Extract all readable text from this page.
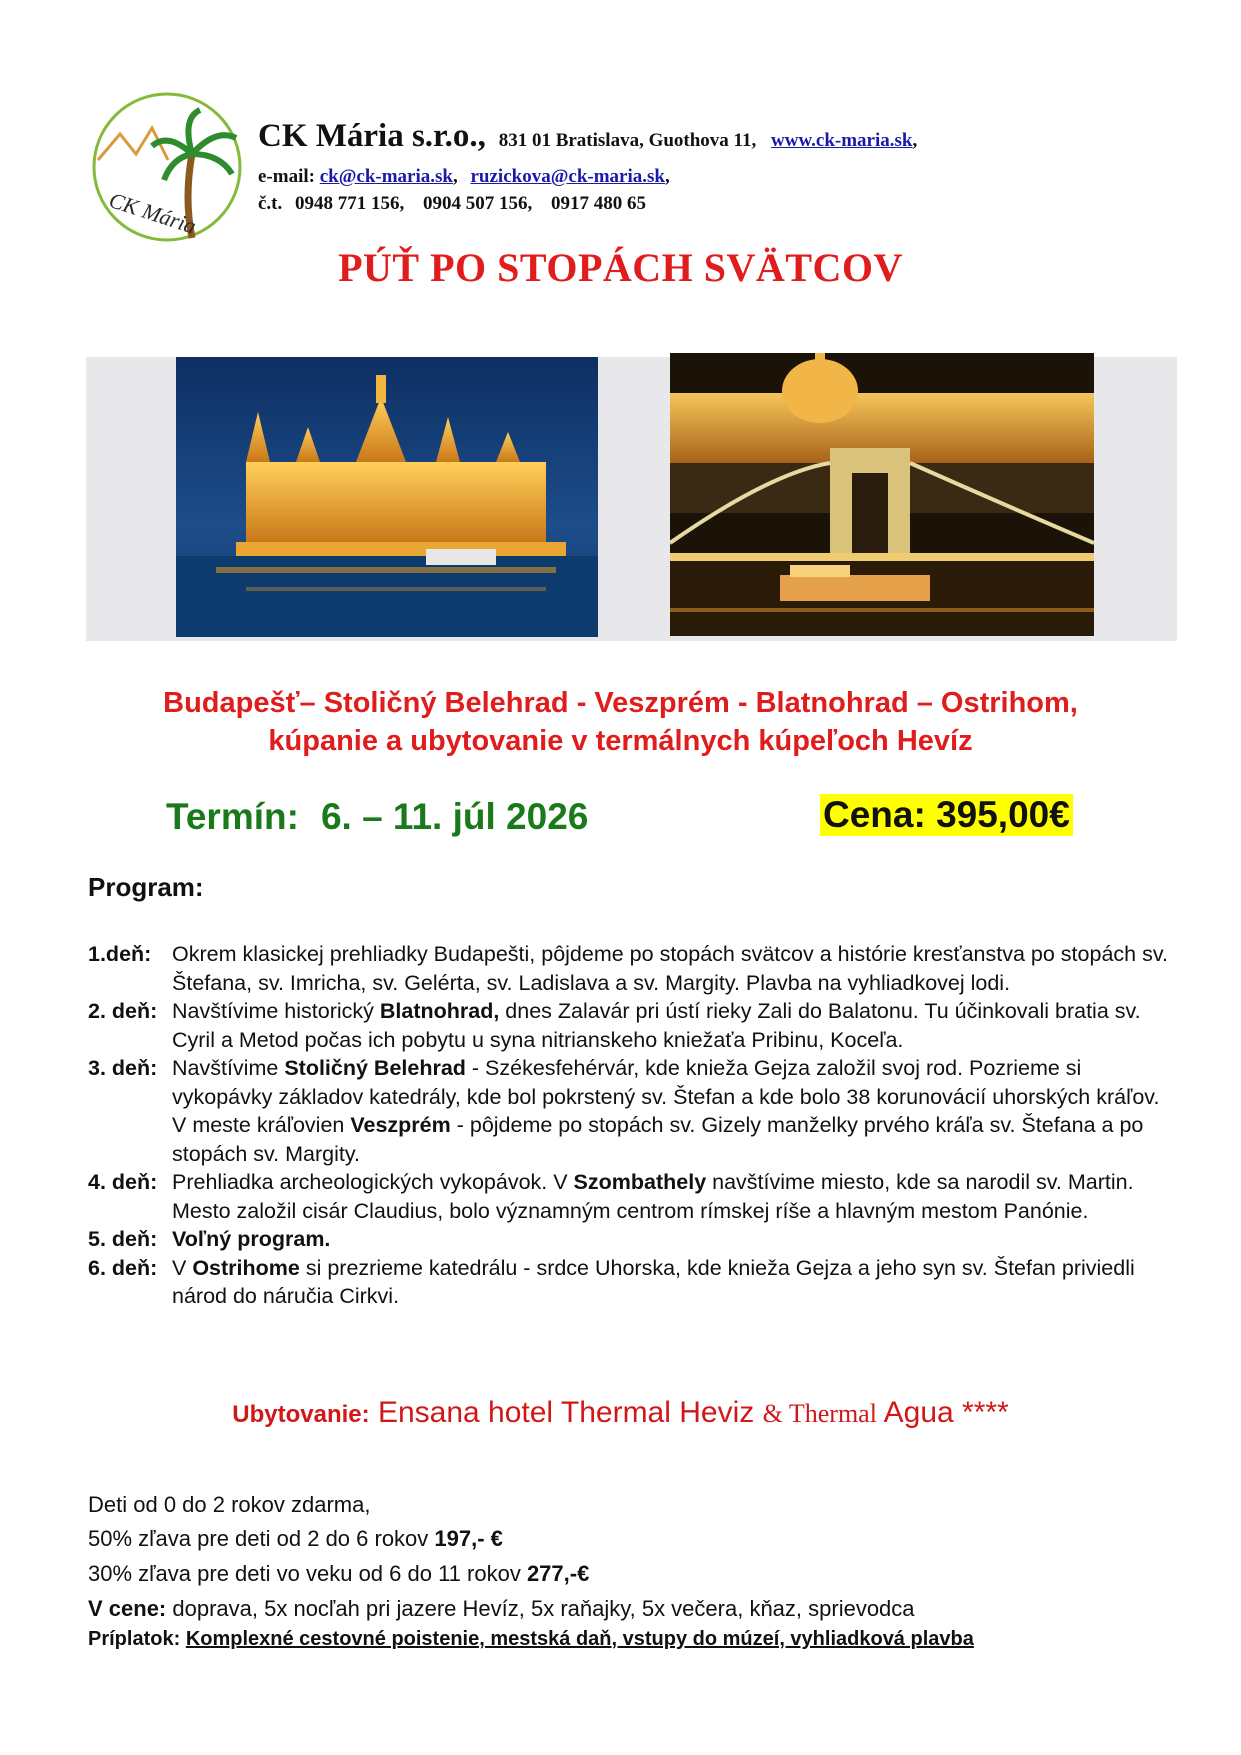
CK Mária
CK Mária s.r.o., 831 01 Bratislava, Guothova 11, www.ck-maria.sk,
e-mail: ck@ck-maria.sk, ruzickova@ck-maria.sk,
č.t. 0948 771 156, 0904 507 156, 0917 480 65
PÚŤ PO STOPÁCH SVÄTCOV
Budapešť– Stoličný Belehrad - Veszprém - Blatnohrad – Ostrihom,
kúpanie a ubytovanie v termálnych kúpeľoch Hevíz
Termín: 6. – 11. júl 2026	Cena: 395,00€
Program:
1.deň: Okrem klasickej prehliadky Budapešti, pôjdeme po stopách svätcov a histórie kresťanstva po stopách sv. Štefana, sv. Imricha, sv. Gelérta, sv. Ladislava a sv. Margity. Plavba na vyhliadkovej lodi.
2. deň: Navštívime historický Blatnohrad, dnes Zalavár pri ústí rieky Zali do Balatonu. Tu účinkovali bratia sv. Cyril a Metod počas ich pobytu u syna nitrianskeho kniežaťa Pribinu, Koceľa.
3. deň: Navštívime Stoličný Belehrad - Székesfehérvár, kde knieža Gejza založil svoj rod. Pozrieme si vykopávky základov katedrály, kde bol pokrstený sv. Štefan a kde bolo 38 korunovácií uhorských kráľov. V meste kráľovien Veszprém - pôjdeme po stopách sv. Gizely manželky prvého kráľa sv. Štefana a po stopách sv. Margity.
4. deň: Prehliadka archeologických vykopávok. V Szombathely navštívime miesto, kde sa narodil sv. Martin. Mesto založil cisár Claudius, bolo významným centrom rímskej ríše a hlavným mestom Panónie.
5. deň: Voľný program.
6. deň: V Ostrihome si prezrieme katedrálu - srdce Uhorska, kde knieža Gejza a jeho syn sv. Štefan priviedli národ do náručia Cirkvi.
Ubytovanie: Ensana hotel Thermal Heviz & Thermal Agua ****
Deti od 0 do 2 rokov zdarma,
50% zľava pre deti od 2 do 6 rokov 197,- €
30% zľava pre deti vo veku od 6 do 11 rokov 277,-€
V cene: doprava, 5x nocľah pri jazere Hevíz, 5x raňajky, 5x večera, kňaz, sprievodca
Príplatok: Komplexné cestovné poistenie, mestská daň, vstupy do múzeí, vyhliadková plavba
